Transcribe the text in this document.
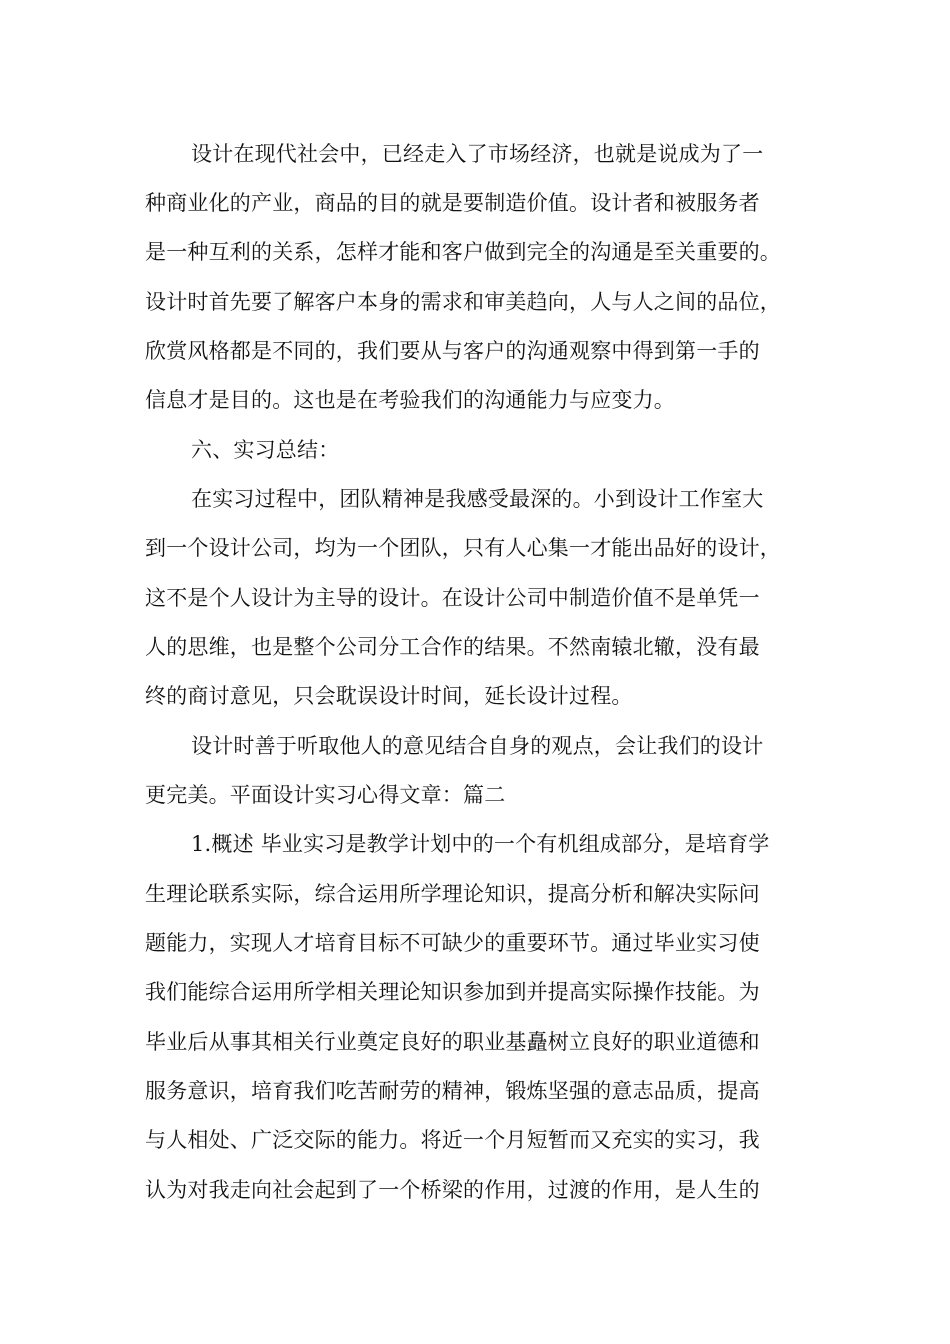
设计在现代社会中，已经走入了市场经济，也就是说成为了一
种商业化的产业，商品的目的就是要制造价值。设计者和被服务者
是一种互利的关系，怎样才能和客户做到完全的沟通是至关重要的。
设计时首先要了解客户本身的需求和审美趋向，人与人之间的品位，
欣赏风格都是不同的，我们要从与客户的沟通观察中得到第一手的
信息才是目的。这也是在考验我们的沟通能力与应变力。
六、实习总结：
在实习过程中，团队精神是我感受最深的。小到设计工作室大
到一个设计公司，均为一个团队，只有人心集一才能出品好的设计，
这不是个人设计为主导的设计。在设计公司中制造价值不是单凭一
人的思维，也是整个公司分工合作的结果。不然南辕北辙，没有最
终的商讨意见，只会耽误设计时间，延长设计过程。
设计时善于听取他人的意见结合自身的观点，会让我们的设计
更完美。平面设计实习心得文章：篇二
1.概述 毕业实习是教学计划中的一个有机组成部分，是培育学
生理论联系实际，综合运用所学理论知识，提高分析和解决实际问
题能力，实现人才培育目标不可缺少的重要环节。通过毕业实习使
我们能综合运用所学相关理论知识参加到并提高实际操作技能。为
毕业后从事其相关行业奠定良好的职业基矗树立良好的职业道德和
服务意识，培育我们吃苦耐劳的精神，锻炼坚强的意志品质，提高
与人相处、广泛交际的能力。将近一个月短暂而又充实的实习，我
认为对我走向社会起到了一个桥梁的作用，过渡的作用，是人生的
